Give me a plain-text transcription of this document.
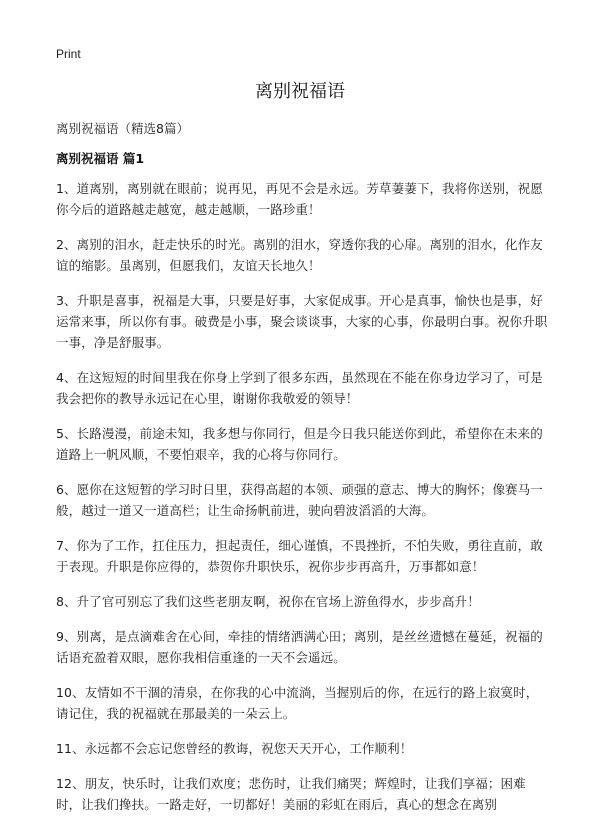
Print
离别祝福语
离别祝福语（精选8篇）
离别祝福语 篇1

1、道离别，离别就在眼前；说再见，再见不会是永远。芳草萋萋下，我将你送别，祝愿你今后的道路越走越宽，越走越顺，一路珍重！

2、离别的泪水，赶走快乐的时光。离别的泪水，穿透你我的心扉。离别的泪水，化作友谊的缩影。虽离别，但愿我们，友谊天长地久！

3、升职是喜事，祝福是大事，只要是好事，大家促成事。开心是真事，愉快也是事，好运常来事，所以你有事。破费是小事，聚会谈谈事，大家的心事，你最明白事。祝你升职一事，净是舒服事。

4、在这短短的时间里我在你身上学到了很多东西，虽然现在不能在你身边学习了，可是我会把你的教导永远记在心里，谢谢你我敬爱的领导！

5、长路漫漫，前途未知，我多想与你同行，但是今日我只能送你到此，希望你在未来的道路上一帆风顺，不要怕艰辛，我的心将与你同行。

6、愿你在这短暂的学习时日里，获得高超的本领、顽强的意志、博大的胸怀；像赛马一般，越过一道又一道高栏；让生命扬帆前进，驶向碧波滔滔的大海。

7、你为了工作，扛住压力，担起责任，细心谨慎，不畏挫折，不怕失败，勇往直前，敢于表现。升职是你应得的，恭贺你升职快乐，祝你步步再高升，万事都如意！

8、升了官可别忘了我们这些老朋友啊，祝你在官场上游鱼得水，步步高升！

9、别离，是点滴难舍在心间，牵挂的情绪洒满心田；离别，是丝丝遗憾在蔓延，祝福的话语充盈着双眼，愿你我相信重逢的一天不会遥远。

10、友情如不干涸的清泉，在你我的心中流淌，当握别后的你，在远行的路上寂寞时，请记住，我的祝福就在那最美的一朵云上。

11、永远都不会忘记您曾经的教诲，祝您天天开心，工作顺利！

12、朋友，快乐时，让我们欢度；悲伤时，让我们痛哭；辉煌时，让我们享福；困难时，让我们搀扶。一路走好，一切都好！美丽的彩虹在雨后，真心的想念在离别
